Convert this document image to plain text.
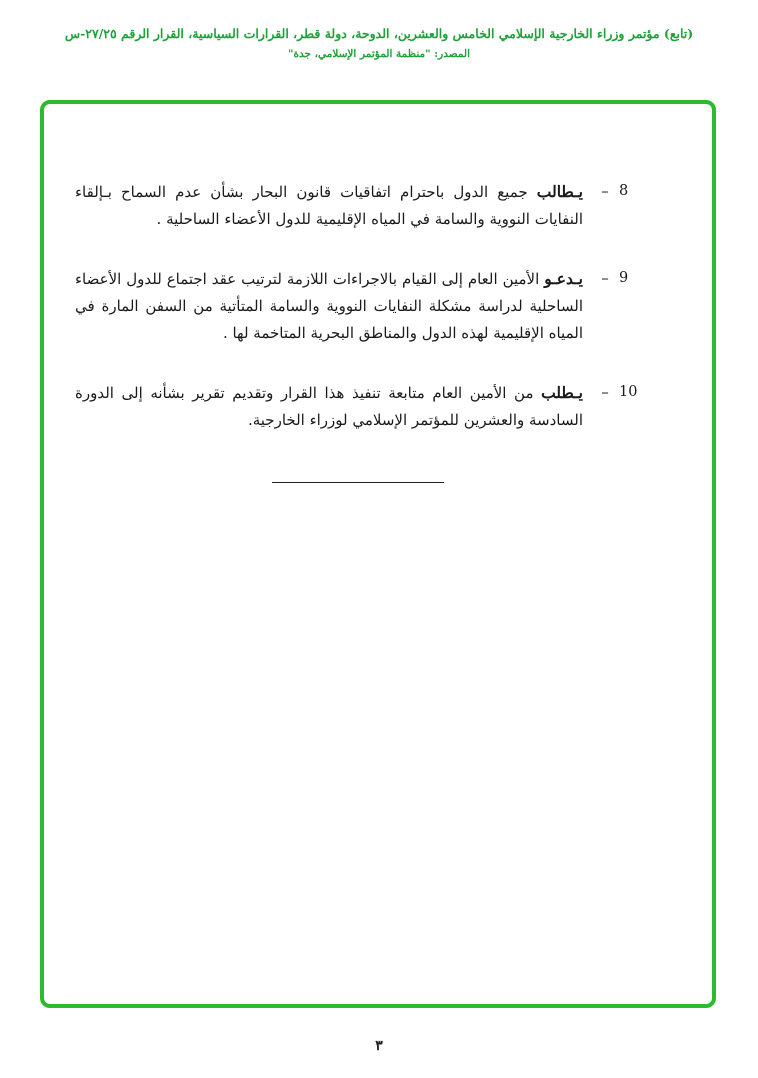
(تابع) مؤتمر وزراء الخارجية الإسلامي الخامس والعشرين، الدوحة، دولة قطر، القرارات السياسية، القرار الرقم ٢٧/٢٥-س
المصدر: "منظمة المؤتمر الإسلامي، جدة"
8
–
يـطالب جميع الدول باحترام اتفاقيات قانون البحار بشأن عدم السماح بـإلقاء النفايات النووية والسامة في المياه الإقليمية للدول الأعضاء الساحلية .
9
–
يـدعـو الأمين العام إلى القيام بالاجراءات اللازمة لترتيب عقد اجتماع للدول الأعضاء الساحلية لدراسة مشكلة النفايات النووية والسامة المتأتية من السفن المارة في المياه الإقليمية لهذه الدول والمناطق البحرية المتاخمة لها .
10
–
يـطلب من الأمين العام متابعة تنفيذ هذا القرار وتقديم تقرير بشأنه إلى الدورة السادسة والعشرين للمؤتمر الإسلامي لوزراء الخارجية.
٣
